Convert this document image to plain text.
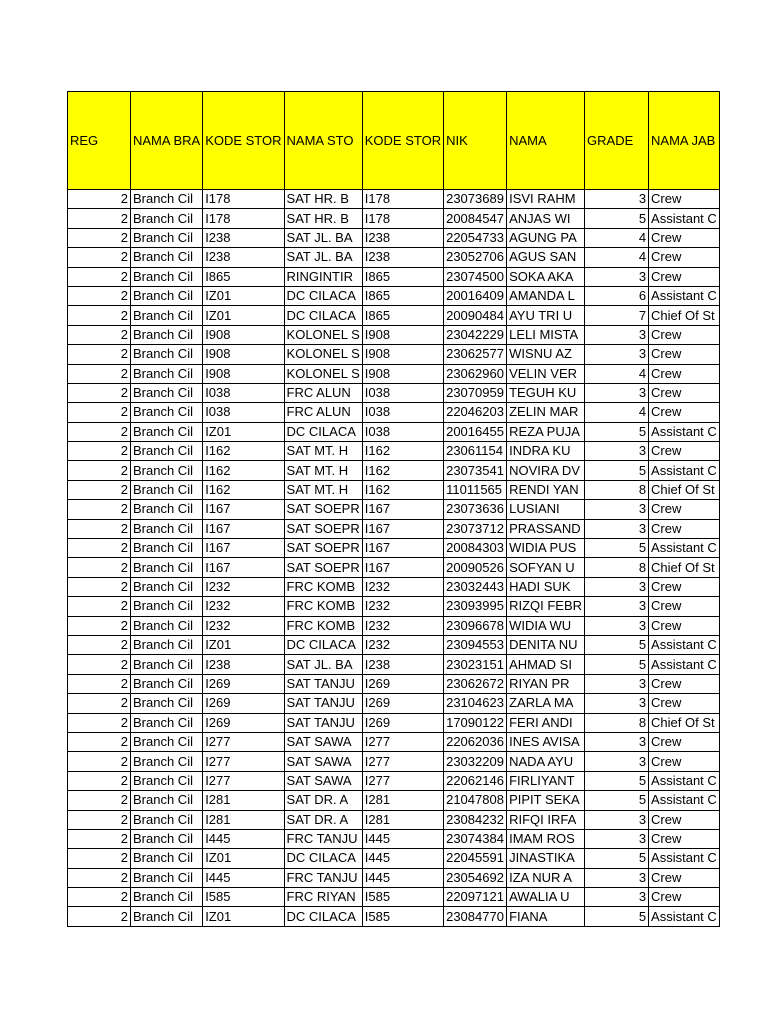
REG	NAMA BRA	KODE STOR	NAMA STO	KODE STOR	NIK	NAMA	GRADE	NAMA JAB
2	Branch Cil	I178	SAT HR. B	I178	23073689	ISVI RAHM	3	Crew
2	Branch Cil	I178	SAT HR. B	I178	20084547	ANJAS WI	5	Assistant C
2	Branch Cil	I238	SAT JL. BA	I238	22054733	AGUNG PA	4	Crew
2	Branch Cil	I238	SAT JL. BA	I238	23052706	AGUS SAN	4	Crew
2	Branch Cil	I865	RINGINTIR	I865	23074500	SOKA AKA	3	Crew
2	Branch Cil	IZ01	DC CILACA	I865	20016409	AMANDA L	6	Assistant C
2	Branch Cil	IZ01	DC CILACA	I865	20090484	AYU TRI U	7	Chief Of St
2	Branch Cil	I908	KOLONEL S	I908	23042229	LELI MISTA	3	Crew
2	Branch Cil	I908	KOLONEL S	I908	23062577	WISNU AZ	3	Crew
2	Branch Cil	I908	KOLONEL S	I908	23062960	VELIN VER	4	Crew
2	Branch Cil	I038	FRC ALUN	I038	23070959	TEGUH KU	3	Crew
2	Branch Cil	I038	FRC ALUN	I038	22046203	ZELIN MAR	4	Crew
2	Branch Cil	IZ01	DC CILACA	I038	20016455	REZA PUJA	5	Assistant C
2	Branch Cil	I162	SAT MT. H	I162	23061154	INDRA KU	3	Crew
2	Branch Cil	I162	SAT MT. H	I162	23073541	NOVIRA DV	5	Assistant C
2	Branch Cil	I162	SAT MT. H	I162	11011565	RENDI YAN	8	Chief Of St
2	Branch Cil	I167	SAT SOEPR	I167	23073636	LUSIANI	3	Crew
2	Branch Cil	I167	SAT SOEPR	I167	23073712	PRASSAND	3	Crew
2	Branch Cil	I167	SAT SOEPR	I167	20084303	WIDIA PUS	5	Assistant C
2	Branch Cil	I167	SAT SOEPR	I167	20090526	SOFYAN U	8	Chief Of St
2	Branch Cil	I232	FRC KOMB	I232	23032443	HADI SUK	3	Crew
2	Branch Cil	I232	FRC KOMB	I232	23093995	RIZQI FEBR	3	Crew
2	Branch Cil	I232	FRC KOMB	I232	23096678	WIDIA WU	3	Crew
2	Branch Cil	IZ01	DC CILACA	I232	23094553	DENITA NU	5	Assistant C
2	Branch Cil	I238	SAT JL. BA	I238	23023151	AHMAD SI	5	Assistant C
2	Branch Cil	I269	SAT TANJU	I269	23062672	RIYAN PR	3	Crew
2	Branch Cil	I269	SAT TANJU	I269	23104623	ZARLA MA	3	Crew
2	Branch Cil	I269	SAT TANJU	I269	17090122	FERI ANDI	8	Chief Of St
2	Branch Cil	I277	SAT SAWA	I277	22062036	INES AVISA	3	Crew
2	Branch Cil	I277	SAT SAWA	I277	23032209	NADA AYU	3	Crew
2	Branch Cil	I277	SAT SAWA	I277	22062146	FIRLIYANT	5	Assistant C
2	Branch Cil	I281	SAT DR. A	I281	21047808	PIPIT SEKA	5	Assistant C
2	Branch Cil	I281	SAT DR. A	I281	23084232	RIFQI IRFA	3	Crew
2	Branch Cil	I445	FRC TANJU	I445	23074384	IMAM ROS	3	Crew
2	Branch Cil	IZ01	DC CILACA	I445	22045591	JINASTIKA	5	Assistant C
2	Branch Cil	I445	FRC TANJU	I445	23054692	IZA NUR A	3	Crew
2	Branch Cil	I585	FRC RIYAN	I585	22097121	AWALIA U	3	Crew
2	Branch Cil	IZ01	DC CILACA	I585	23084770	FIANA	5	Assistant C
